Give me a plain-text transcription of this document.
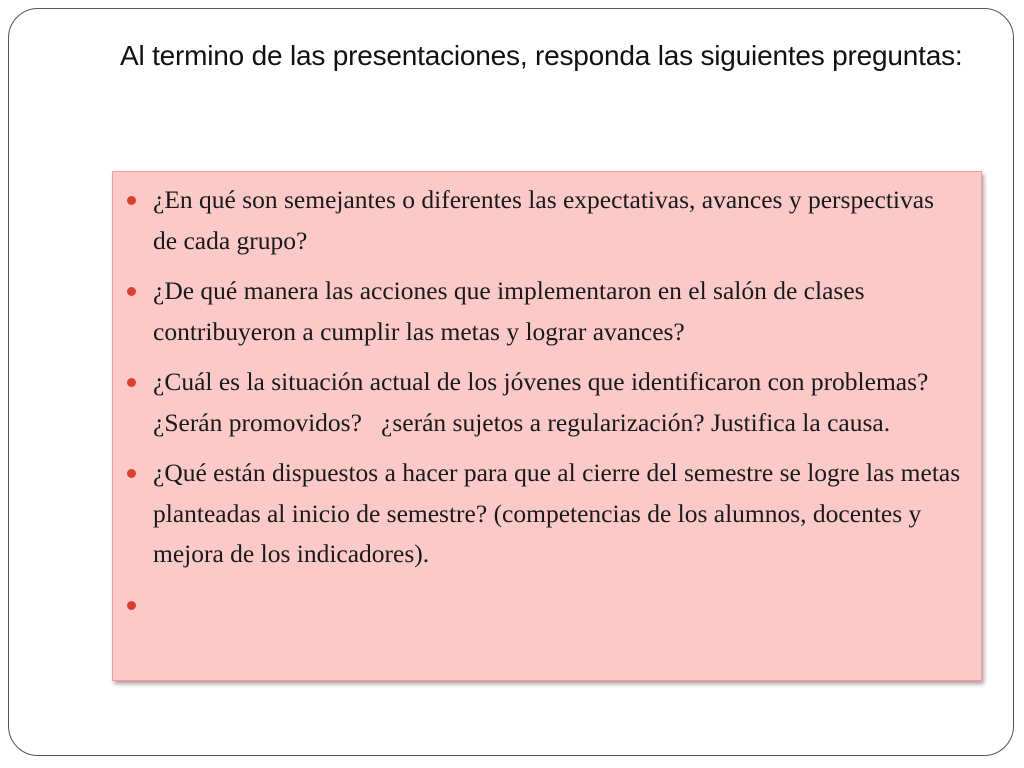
Al termino de las presentaciones, responda las siguientes preguntas:
¿En qué son semejantes o diferentes las expectativas, avances y perspectivas de cada grupo?
¿De qué manera las acciones que implementaron en el salón de clases contribuyeron a cumplir las metas y lograr avances?
¿Cuál es la situación actual de los jóvenes que identificaron con problemas? ¿Serán promovidos?   ¿serán sujetos a regularización? Justifica la causa.
¿Qué están dispuestos a hacer para que al cierre del semestre se logre las metas planteadas al inicio de semestre? (competencias de los alumnos, docentes y mejora de los indicadores).
